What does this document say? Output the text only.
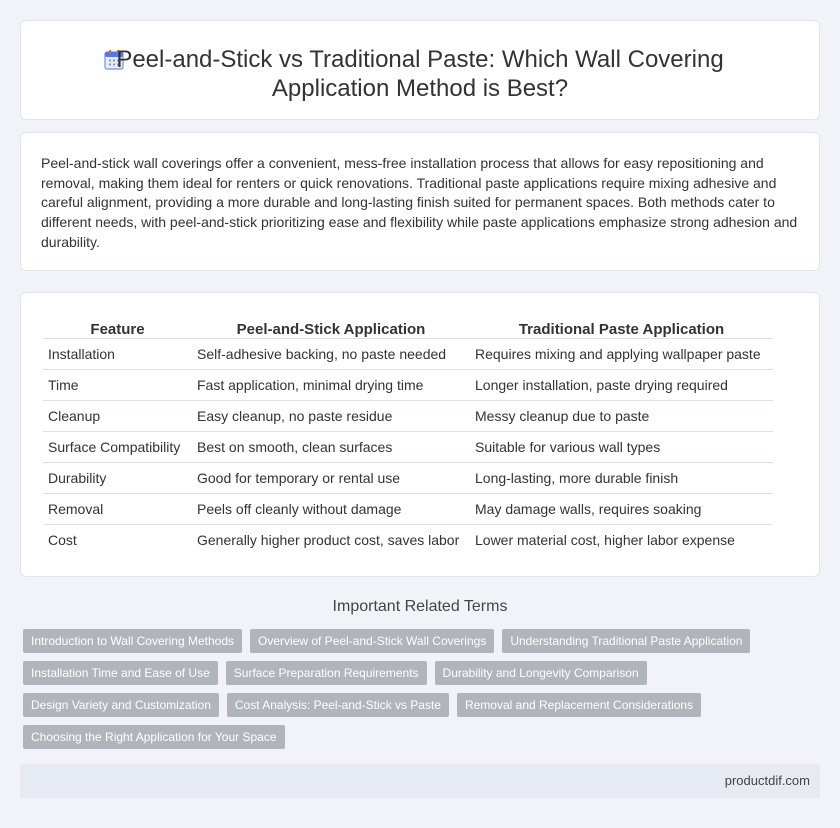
Peel-and-Stick vs Traditional Paste: Which Wall Covering
Application Method is Best?

Peel-and-stick wall coverings offer a convenient, mess-free installation process that allows for easy repositioning and removal, making them ideal for renters or quick renovations. Traditional paste applications require mixing adhesive and careful alignment, providing a more durable and long-lasting finish suited for permanent spaces. Both methods cater to different needs, with peel-and-stick prioritizing ease and flexibility while paste applications emphasize strong adhesion and durability.

Feature	Peel-and-Stick Application	Traditional Paste Application
Installation	Self-adhesive backing, no paste needed	Requires mixing and applying wallpaper paste
Time	Fast application, minimal drying time	Longer installation, paste drying required
Cleanup	Easy cleanup, no paste residue	Messy cleanup due to paste
Surface Compatibility	Best on smooth, clean surfaces	Suitable for various wall types
Durability	Good for temporary or rental use	Long-lasting, more durable finish
Removal	Peels off cleanly without damage	May damage walls, requires soaking
Cost	Generally higher product cost, saves labor	Lower material cost, higher labor expense
Important Related Terms
Introduction to Wall Covering Methods	Overview of Peel-and-Stick Wall Coverings	Understanding Traditional Paste Application
Installation Time and Ease of Use	Surface Preparation Requirements	Durability and Longevity Comparison
Design Variety and Customization	Cost Analysis: Peel-and-Stick vs Paste	Removal and Replacement Considerations
Choosing the Right Application for Your Space
productdif.com
